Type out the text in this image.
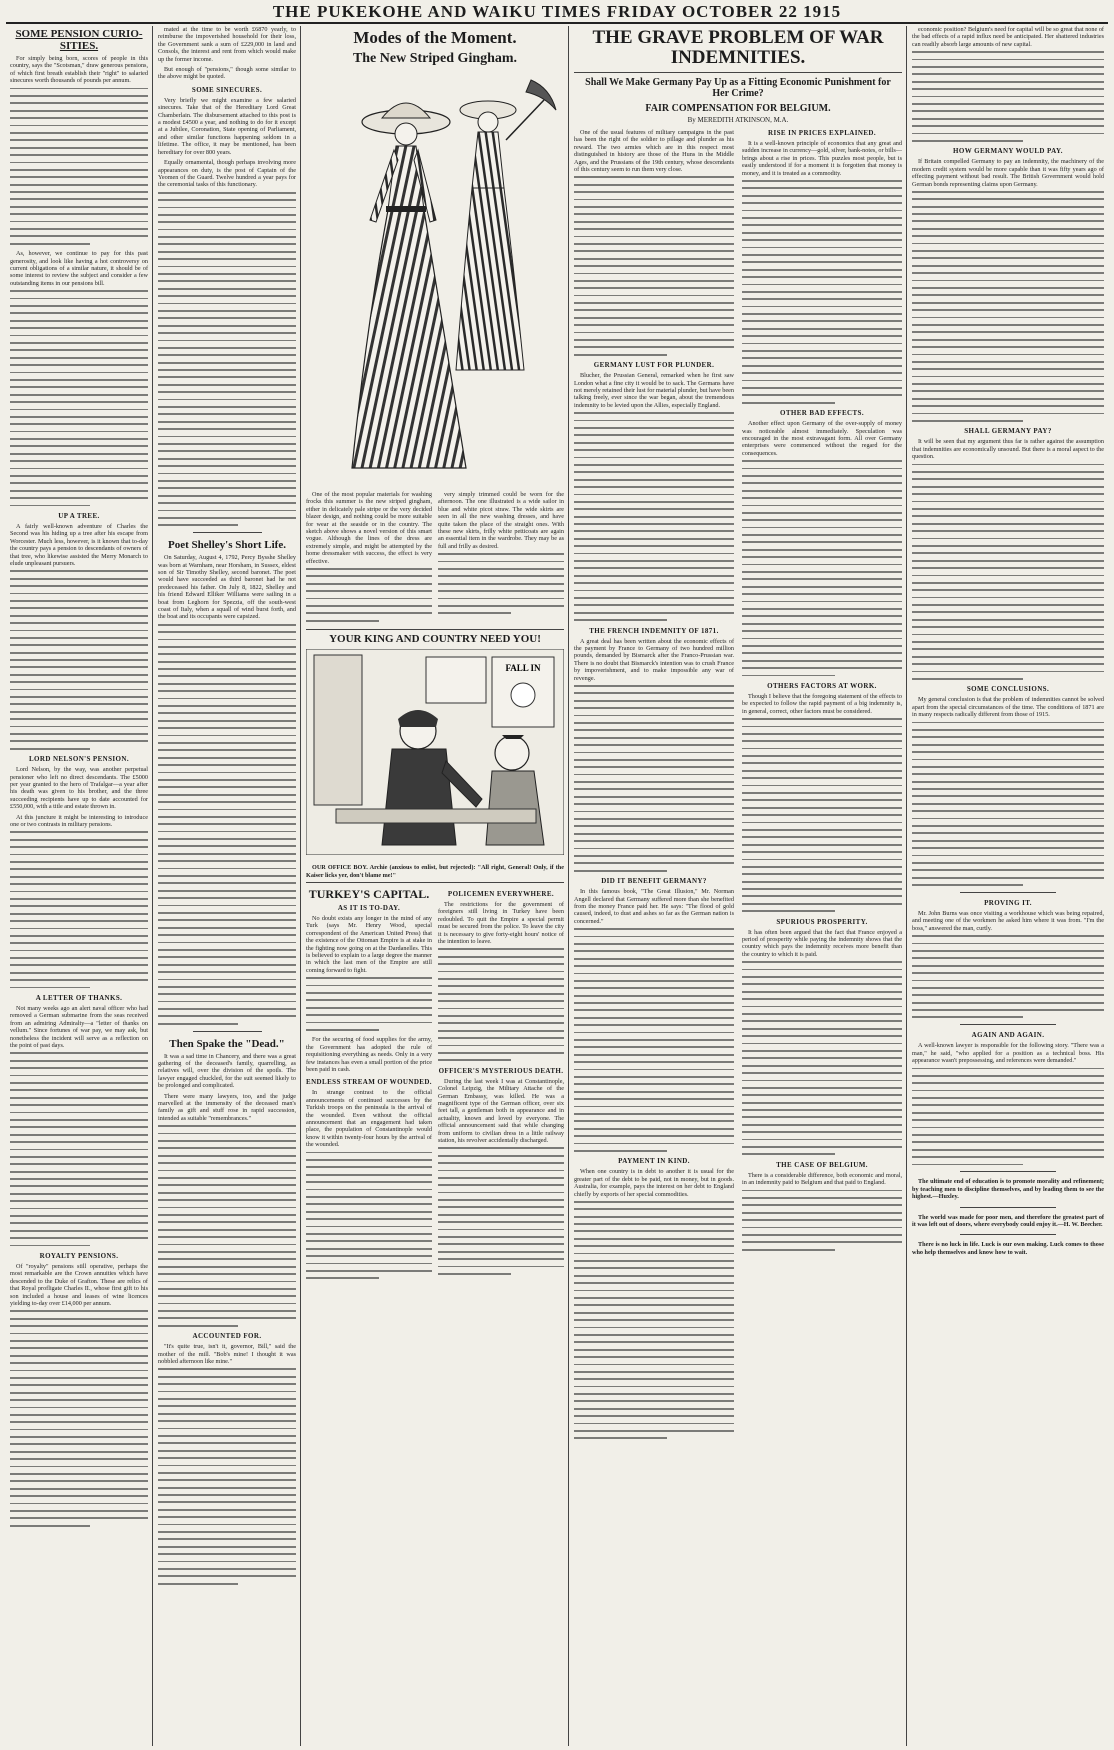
THE PUKEKOHE AND WAIKU TIMES FRIDAY OCTOBER 22 1915
SOME PENSION CURIO-SITIES.

For simply being born, scores of people in this country, says the "Scotsman," draw generous pensions, of which first breath establish their "right" to salaried sinecures worth thousands of pounds per annum.

As, however, we continue to pay for this past generosity, and look like having a hot controversy on current obligations of a similar nature, it should be of some interest to review the subject and consider a few outstanding items in our pensions bill.

UP A TREE.

A fairly well-known adventure of Charles the Second was his hiding up a tree after his escape from Worcester. Much less, however, is it known that to-day the country pays a pension to descendants of owners of that tree, who likewise assisted the Merry Monarch to elude unpleasant pursuers.

LORD NELSON'S PENSION.

Lord Nelson, by the way, was another perpetual pensioner who left no direct descendants. The £5000 per year granted to the hero of Trafalgar—a year after his death was given to his brother, and the three succeeding recipients have up to date accounted for £550,000, with a title and estate thrown in.

At this juncture it might be interesting to introduce one or two contrasts in military pensions.

A LETTER OF THANKS.

Not many weeks ago an alert naval officer who had removed a German submarine from the seas received from an admiring Admiralty—a "letter of thanks on vellum." Since fortunes of war pay, we may ask, but nonetheless the incident will serve as a reflection on the point of past days.

ROYALTY PENSIONS.

Of "royalty" pensions still operative, perhaps the most remarkable are the Crown annuities which have descended to the Duke of Grafton. These are relics of that Royal profligate Charles II., whose first gift to his son included a house and leases of wine licences yielding to-day over £14,000 per annum.

mated at the time to be worth £6870 yearly, to reimburse the impoverished household for their loss, the Government sank a sum of £229,000 in land and Consols, the interest and rent from which would make up the former income.

But enough of "pensions," though some similar to the above might be quoted.

SOME SINECURES.

Very briefly we might examine a few salaried sinecures. Take that of the Hereditary Lord Great Chamberlain. The disbursement attached to this post is a modest £4500 a year, and nothing to do for it except at a Jubilee, Coronation, State opening of Parliament, and other similar functions happening seldom in a lifetime. The office, it may be mentioned, has been hereditary for over 800 years.

Equally ornamental, though perhaps involving more appearances on duty, is the post of Captain of the Yeomen of the Guard. Twelve hundred a year pays for the ceremonial tasks of this functionary.

Poet Shelley's Short Life.

On Saturday, August 4, 1792, Percy Bysshe Shelley was born at Warnham, near Horsham, in Sussex, eldest son of Sir Timothy Shelley, second baronet. The poet would have succeeded as third baronet had he not predeceased his father. On July 8, 1822, Shelley and his friend Edward Elliker Williams were sailing in a boat from Leghorn for Spezzia, off the south-west coast of Italy, when a squall of wind burst forth, and the boat and its occupants were capsized.

Then Spake the "Dead."

It was a sad time in Chancery, and there was a great gathering of the deceased's family, quarrelling, as relatives will, over the division of the spoils. The lawyer engaged chuckled, for the suit seemed likely to be prolonged and complicated.

There were many lawyers, too, and the judge marvelled at the immensity of the deceased man's family as gift and stuff rose in rapid succession, intended as suitable "remembrances."

ACCOUNTED FOR.

"It's quite true, isn't it, governor, Bill," said the mother of the mill. "Bob's mine! I thought it was nobbled afternoon like mine."

Modes of the Moment.
The New Striped Gingham.

One of the most popular materials for washing frocks this summer is the new striped gingham, either in delicately pale stripe or the very decided blazer design, and nothing could be more suitable for wear at the seaside or in the country. The sketch above shows a novel version of this smart vogue. Although the lines of the dress are extremely simple, and might be attempted by the home dressmaker with success, the effect is very effective.

very simply trimmed could be worn for the afternoon. The one illustrated is a wide sailor in blue and white picot straw. The wide skirts are seen in all the new washing dresses, and have quite taken the place of the straight ones. With these new skirts, frilly white petticoats are again an essential item in the wardrobe. They may be as full and frilly as desired.

YOUR KING AND COUNTRY NEED YOU!
FALL IN

OUR OFFICE BOY. Archie (anxious to enlist, but rejected): "All right, General! Only, if the Kaiser licks yer, don't blame me!"

TURKEY'S CAPITAL.
AS IT IS TO-DAY.

No doubt exists any longer in the mind of any Turk (says Mr. Henry Wood, special correspondent of the American United Press) that the existence of the Ottoman Empire is at stake in the fighting now going on at the Dardanelles. This is believed to explain to a large degree the manner in which the last men of the Empire are still coming forward to fight.

For the securing of food supplies for the army, the Government has adopted the rule of requisitioning everything as needs. Only in a very few instances has even a small portion of the price been paid in cash.

ENDLESS STREAM OF WOUNDED.

In strange contrast to the official announcements of continued successes by the Turkish troops on the peninsula is the arrival of the wounded. Even without the official announcement that an engagement had taken place, the population of Constantinople would know it within twenty-four hours by the arrival of the wounded.

POLICEMEN EVERYWHERE.

The restrictions for the government of foreigners still living in Turkey have been redoubled. To quit the Empire a special permit must be secured from the police. To leave the city it is necessary to give forty-eight hours' notice of the intention to leave.

OFFICER'S MYSTERIOUS DEATH.

During the last week I was at Constantinople, Colonel Leipzig, the Military Attache of the German Embassy, was killed. He was a magnificent type of the German officer, over six feet tall, a gentleman both in appearance and in actuality, known and loved by everyone. The official announcement said that while changing from uniform to civilian dress in a little railway station, his revolver accidentally discharged.

THE GRAVE PROBLEM OF WAR INDEMNITIES.
Shall We Make Germany Pay Up as a Fitting Economic Punishment for Her Crime?
FAIR COMPENSATION FOR BELGIUM.
By MEREDITH ATKINSON, M.A.

One of the usual features of military campaigns in the past has been the right of the soldier to pillage and plunder as his reward. The two armies which are in this respect most distinguished in history are those of the Huns in the Middle Ages, and the Prussians of the 19th century, whose descendants of this century seem to run them very close.

GERMANY LUST FOR PLUNDER.

Blucher, the Prussian General, remarked when he first saw London what a fine city it would be to sack. The Germans have not merely retained their lust for material plunder, but have been talking freely, ever since the war began, about the tremendous indemnity to be levied upon the Allies, especially England.

THE FRENCH INDEMNITY OF 1871.

A great deal has been written about the economic effects of the payment by France to Germany of two hundred million pounds, demanded by Bismarck after the Franco-Prussian war. There is no doubt that Bismarck's intention was to crush France by impoverishment, and to make impossible any war of revenge.

DID IT BENEFIT GERMANY?

In this famous book, "The Great Illusion," Mr. Norman Angell declared that Germany suffered more than she benefited from the money France paid her. He says: "The flood of gold caused, indeed, to dust and ashes so far as the German nation is concerned."

PAYMENT IN KIND.

When one country is in debt to another it is usual for the greater part of the debt to be paid, not in money, but in goods. Australia, for example, pays the interest on her debt to England chiefly by exports of her special commodities.

RISE IN PRICES EXPLAINED.

It is a well-known principle of economics that any great and sudden increase in currency—gold, silver, bank-notes, or bills—brings about a rise in prices. This puzzles most people, but is easily understood if for a moment it is forgotten that money is money, and it is treated as a commodity.

OTHER BAD EFFECTS.

Another effect upon Germany of the over-supply of money was noticeable almost immediately. Speculation was encouraged in the most extravagant form. All over Germany enterprises were commenced without the regard for the consequences.

OTHERS FACTORS AT WORK.

Though I believe that the foregoing statement of the effects to be expected to follow the rapid payment of a big indemnity is, in general, correct, other factors must be considered.

SPURIOUS PROSPERITY.

It has often been argued that the fact that France enjoyed a period of prosperity while paying the indemnity shows that the country which pays the indemnity receives more benefit than the country to which it is paid.

THE CASE OF BELGIUM.

There is a considerable difference, both economic and moral, in an indemnity paid to Belgium and that paid to England.

economic position? Belgium's need for capital will be so great that none of the bad effects of a rapid influx need be anticipated. Her shattered industries can readily absorb large amounts of new capital.

HOW GERMANY WOULD PAY.

If Britain compelled Germany to pay an indemnity, the machinery of the modern credit system would be more capable than it was fifty years ago of effecting payment without bad result. The British Government would hold German bonds representing claims upon Germany.

SHALL GERMANY PAY?

It will be seen that my argument thus far is rather against the assumption that indemnities are economically unsound. But there is a moral aspect to the question.

SOME CONCLUSIONS.

My general conclusion is that the problem of indemnities cannot be solved apart from the special circumstances of the time. The conditions of 1871 are in many respects radically different from those of 1915.

PROVING IT.

Mr. John Burns was once visiting a workhouse which was being repaired, and meeting one of the workmen he asked him where it was from. "I'm the boss," answered the man, curtly.

AGAIN AND AGAIN.

A well-known lawyer is responsible for the following story. "There was a man," he said, "who applied for a position as a technical boss. His appearance wasn't prepossessing, and references were demanded."

The ultimate end of education is to promote morality and refinement; by teaching men to discipline themselves, and by leading them to see the highest.—Huxley.

The world was made for poor men, and therefore the greatest part of it was left out of doors, where everybody could enjoy it.—H. W. Beecher.

There is no luck in life. Luck is our own making. Luck comes to those who help themselves and know how to wait.
